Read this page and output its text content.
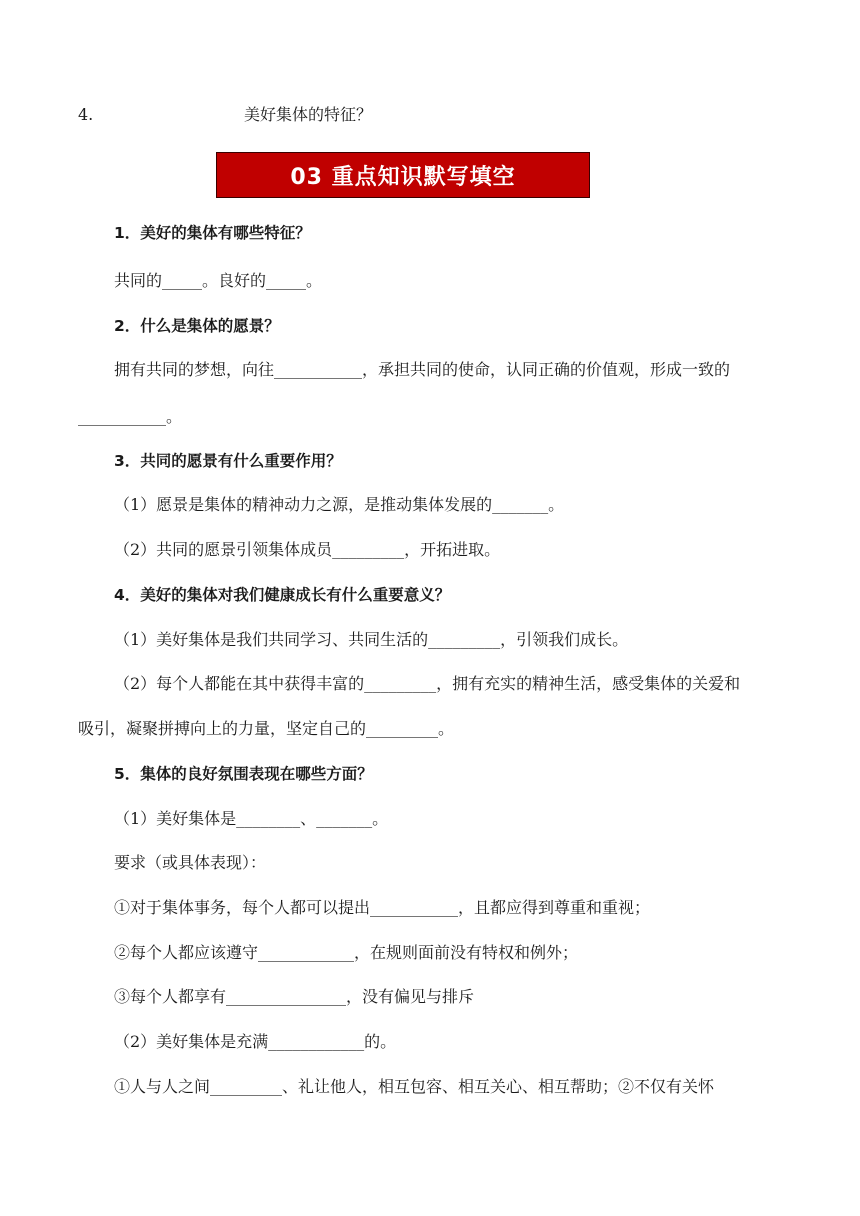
4.	美好集体的特征？
03 重点知识默写填空
1．美好的集体有哪些特征？
共同的_____。良好的_____。
2．什么是集体的愿景？
拥有共同的梦想，向往___________，承担共同的使命，认同正确的价值观，形成一致的
___________。
3．共同的愿景有什么重要作用？
（1）愿景是集体的精神动力之源，是推动集体发展的_______。
（2）共同的愿景引领集体成员_________，开拓进取。
4．美好的集体对我们健康成长有什么重要意义？
（1）美好集体是我们共同学习、共同生活的_________，引领我们成长。
（2）每个人都能在其中获得丰富的_________，拥有充实的精神生活，感受集体的关爱和
吸引，凝聚拼搏向上的力量，坚定自己的_________。
5．集体的良好氛围表现在哪些方面？
（1）美好集体是________、_______。
要求（或具体表现）：
①对于集体事务，每个人都可以提出___________，且都应得到尊重和重视；
②每个人都应该遵守____________，在规则面前没有特权和例外；
③每个人都享有_______________，没有偏见与排斥
（2）美好集体是充满____________的。
①人与人之间_________、礼让他人，相互包容、相互关心、相互帮助；②不仅有关怀
